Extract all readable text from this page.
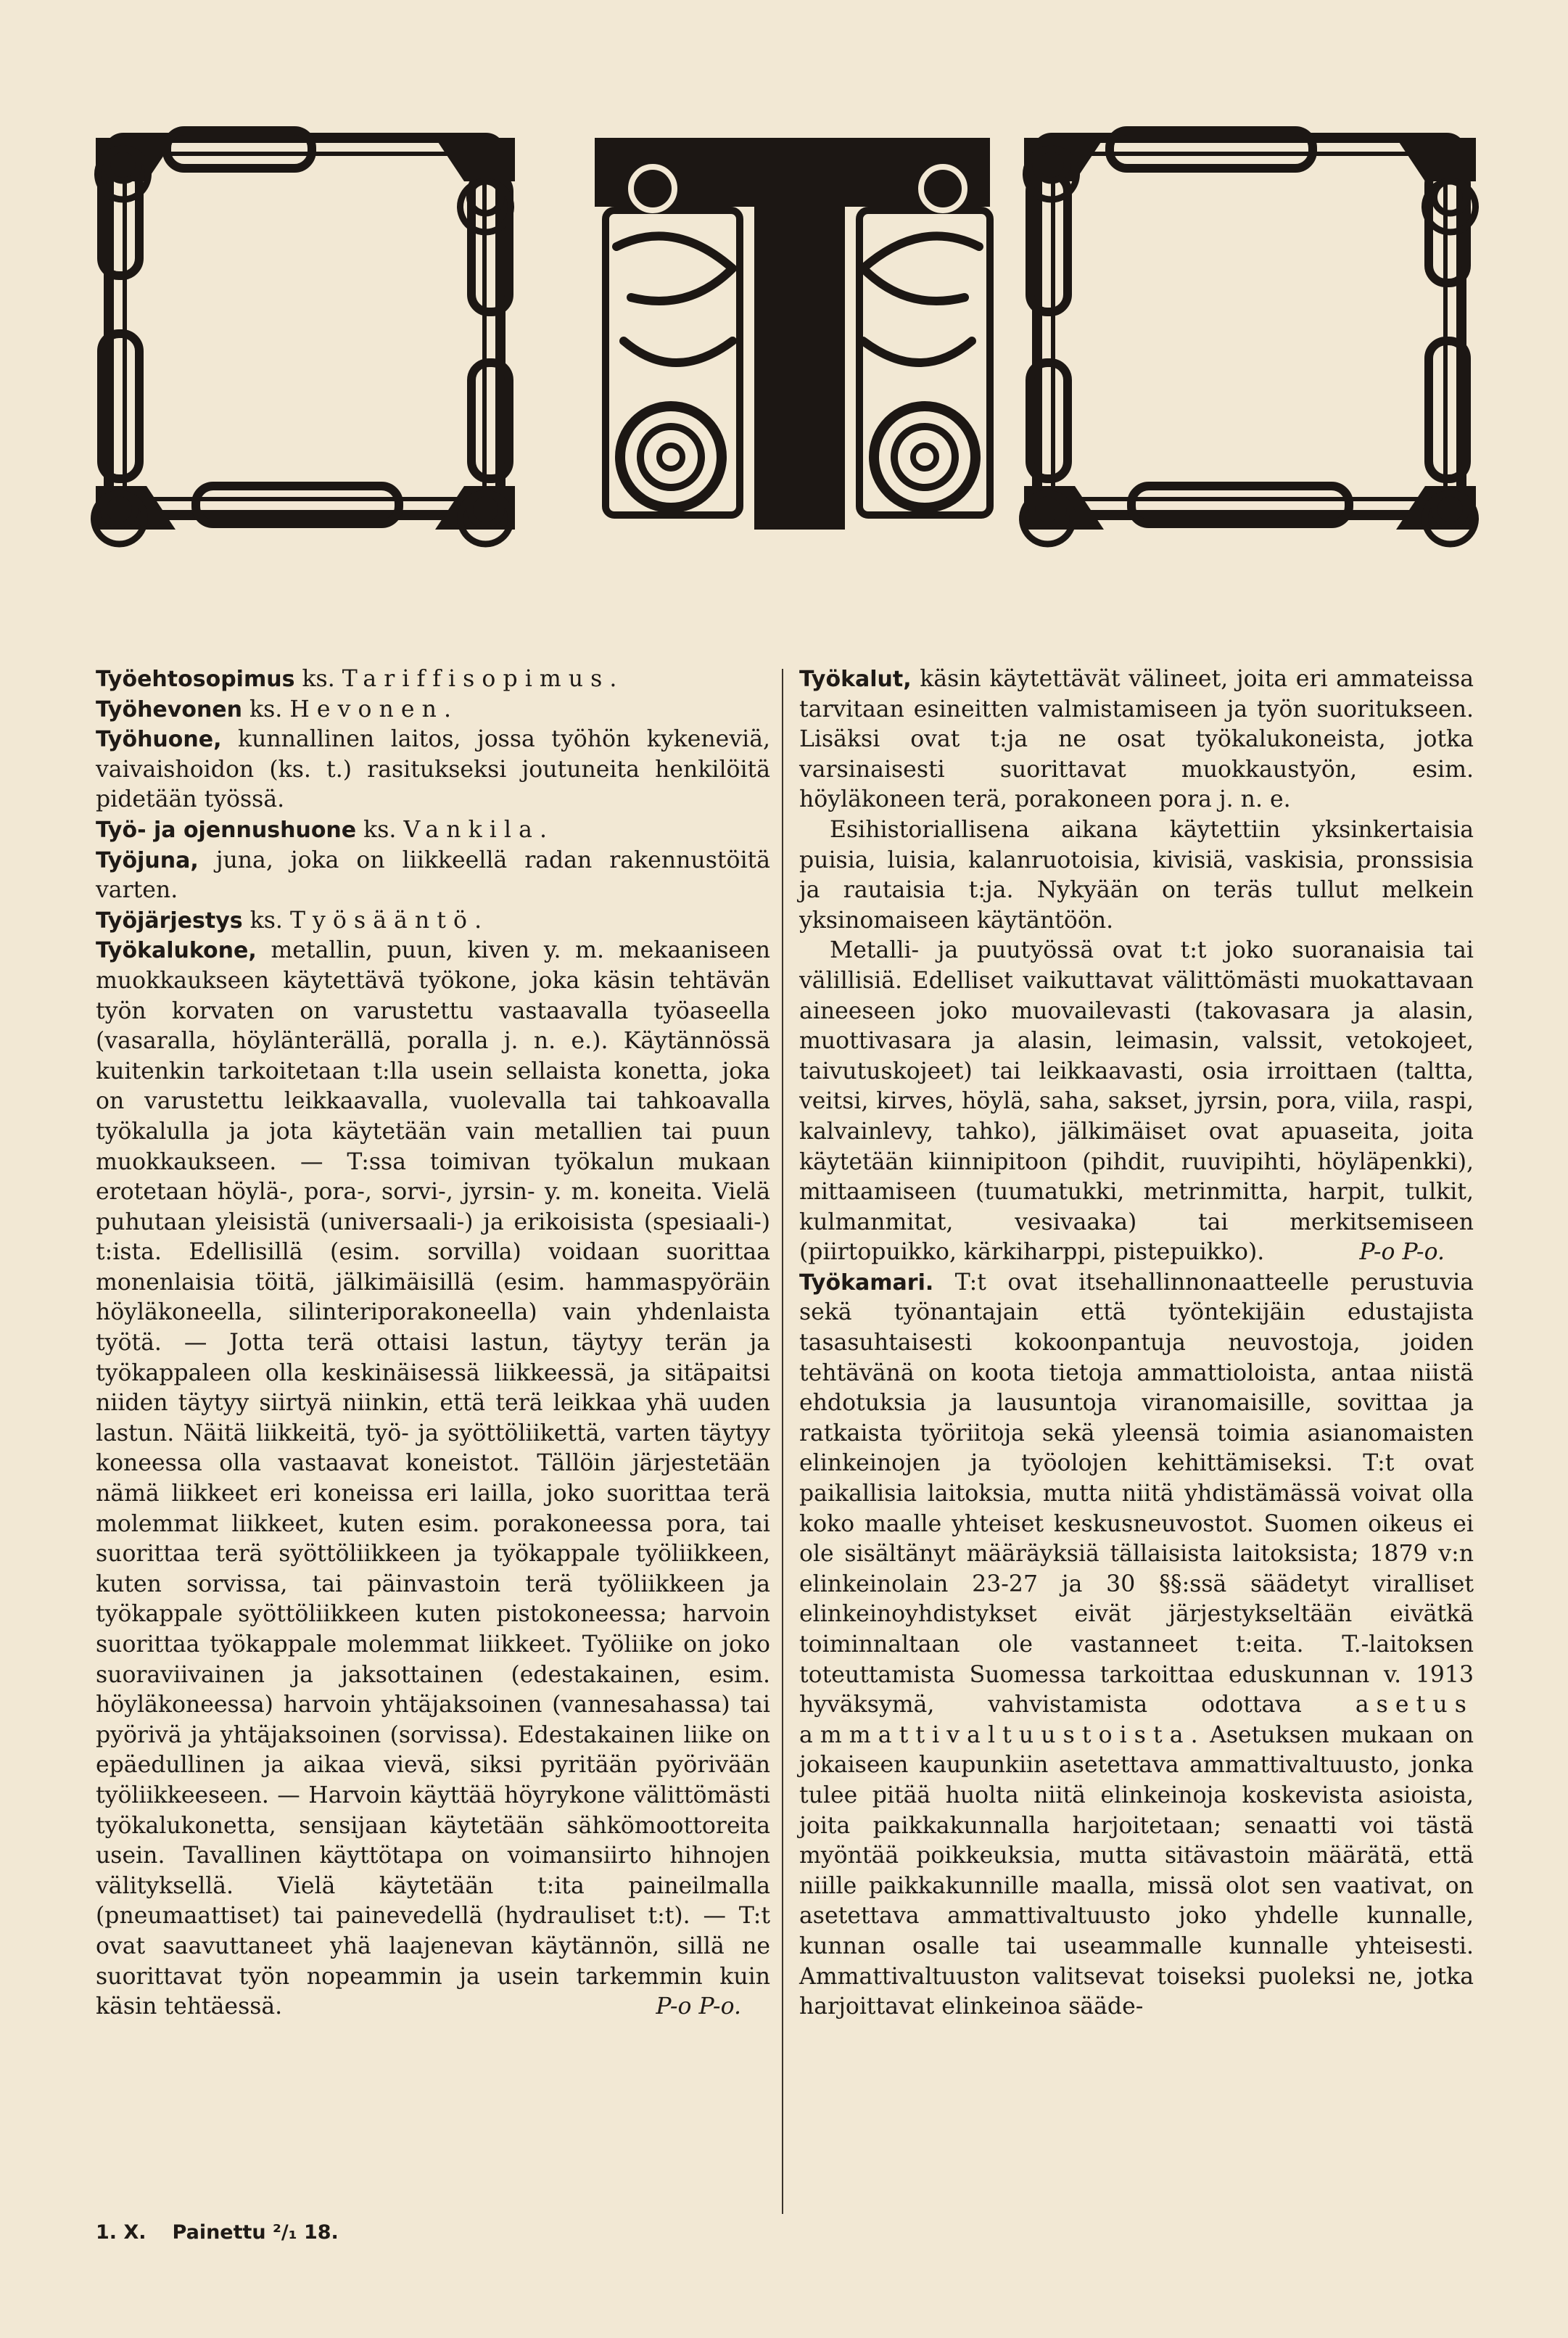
Työehtosopimus ks. Tariffisopimus.

Työhevonen ks. Hevonen.

Työhuone, kunnallinen laitos, jossa työhön kykeneviä, vaivaishoidon (ks. t.) rasitukseksi joutuneita henkilöitä pidetään työssä.

Työ- ja ojennushuone ks. Vankila.

Työjuna, juna, joka on liikkeellä radan rakennustöitä varten.

Työjärjestys ks. Työsääntö.

Työkalukone, metallin, puun, kiven y. m. mekaaniseen muokkaukseen käytettävä työkone, joka käsin tehtävän työn korvaten on varustettu vastaavalla työaseella (vasaralla, höylänterällä, poralla j. n. e.). Käytännössä kuitenkin tarkoitetaan t:lla usein sellaista konetta, joka on varustettu leikkaavalla, vuolevalla tai tahkoavalla työkalulla ja jota käytetään vain metallien tai puun muokkaukseen. — T:ssa toimivan työkalun mukaan erotetaan höylä-, pora-, sorvi-, jyrsin- y. m. koneita. Vielä puhutaan yleisistä (universaali-) ja erikoisista (spesiaali-) t:ista. Edellisillä (esim. sorvilla) voidaan suorittaa monenlaisia töitä, jälkimäisillä (esim. hammaspyöräin höyläkoneella, silinteriporakoneella) vain yhdenlaista työtä. — Jotta terä ottaisi lastun, täytyy terän ja työkappaleen olla keskinäisessä liikkeessä, ja sitäpaitsi niiden täytyy siirtyä niinkin, että terä leikkaa yhä uuden lastun. Näitä liikkeitä, työ- ja syöttöliikettä, varten täytyy koneessa olla vastaavat koneistot. Tällöin järjestetään nämä liikkeet eri koneissa eri lailla, joko suorittaa terä molemmat liikkeet, kuten esim. porakoneessa pora, tai suorittaa terä syöttöliikkeen ja työkappale työliikkeen, kuten sorvissa, tai päinvastoin terä työliikkeen ja työkappale syöttöliikkeen kuten pistokoneessa; harvoin suorittaa työkappale molemmat liikkeet. Työliike on joko suoraviivainen ja jaksottainen (edestakainen, esim. höyläkoneessa) harvoin yhtäjaksoinen (vannesahassa) tai pyörivä ja yhtäjaksoinen (sorvissa). Edestakainen liike on epäedullinen ja aikaa vievä, siksi pyritään pyörivään työliikkeeseen. — Harvoin käyttää höyrykone välittömästi työkalukonetta, sensijaan käytetään sähkömoottoreita usein. Tavallinen käyttötapa on voimansiirto hihnojen välityksellä. Vielä käytetään t:ita paineilmalla (pneumaattiset) tai painevedellä (hydrauliset t:t). — T:t ovat saavuttaneet yhä laajenevan käytännön, sillä ne suorittavat työn nopeammin ja usein tarkemmin kuin käsin tehtäessä.	P-o P-o.

Työkalut, käsin käytettävät välineet, joita eri ammateissa tarvitaan esineitten valmistamiseen ja työn suoritukseen. Lisäksi ovat t:ja ne osat työkalukoneista, jotka varsinaisesti suorittavat muokkaustyön, esim. höyläkoneen terä, porakoneen pora j. n. e.

Esihistoriallisena aikana käytettiin yksinkertaisia puisia, luisia, kalanruotoisia, kivisiä, vaskisia, pronssisia ja rautaisia t:ja. Nykyään on teräs tullut melkein yksinomaiseen käytäntöön.

Metalli- ja puutyössä ovat t:t joko suoranaisia tai välillisiä. Edelliset vaikuttavat välittömästi muokattavaan aineeseen joko muovailevasti (takovasara ja alasin, muottivasara ja alasin, leimasin, valssit, vetokojeet, taivutuskojeet) tai leikkaavasti, osia irroittaen (taltta, veitsi, kirves, höylä, saha, sakset, jyrsin, pora, viila, raspi, kalvainlevy, tahko), jälkimäiset ovat apuaseita, joita käytetään kiinnipitoon (pihdit, ruuvipihti, höyläpenkki), mittaamiseen (tuumatukki, metrinmitta, harpit, tulkit, kulmanmitat, vesivaaka) tai merkitsemiseen (piirtopuikko, kärkiharppi, pistepuikko).	P-o P-o.

Työkamari. T:t ovat itsehallinnonaatteelle perustuvia sekä työnantajain että työntekijäin edustajista tasasuhtaisesti kokoonpantuja neuvostoja, joiden tehtävänä on koota tietoja ammattioloista, antaa niistä ehdotuksia ja lausuntoja viranomaisille, sovittaa ja ratkaista työriitoja sekä yleensä toimia asianomaisten elinkeinojen ja työolojen kehittämiseksi. T:t ovat paikallisia laitoksia, mutta niitä yhdistämässä voivat olla koko maalle yhteiset keskusneuvostot. Suomen oikeus ei ole sisältänyt määräyksiä tällaisista laitoksista; 1879 v:n elinkeinolain 23-27 ja 30 §§:ssä säädetyt viralliset elinkeinoyhdistykset eivät järjestykseltään eivätkä toiminnaltaan ole vastanneet t:eita. T.-laitoksen toteuttamista Suomessa tarkoittaa eduskunnan v. 1913 hyväksymä, vahvistamista odottava asetus ammattivaltuustoista. Asetuksen mukaan on jokaiseen kaupunkiin asetettava ammattivaltuusto, jonka tulee pitää huolta niitä elinkeinoja koskevista asioista, joita paikkakunnalla harjoitetaan; senaatti voi tästä myöntää poikkeuksia, mutta sitävastoin määrätä, että niille paikkakunnille maalla, missä olot sen vaativat, on asetettava ammattivaltuusto joko yhdelle kunnalle, kunnan osalle tai useammalle kunnalle yhteisesti. Ammattivaltuuston valitsevat toiseksi puoleksi ne, jotka harjoittavat elinkeinoa sääde-

1. X. Painettu ²/₁ 18.
